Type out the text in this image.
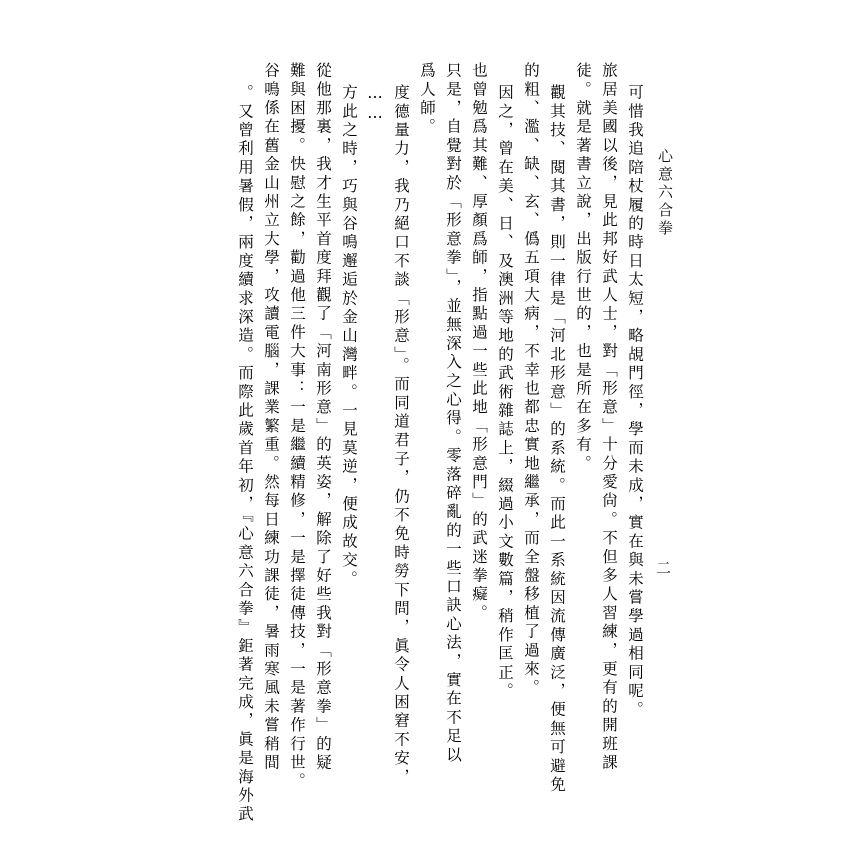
心意六合拳
二
可惜我追陪杖履的時日太短，略覘門徑，學而未成，實在與未嘗學過相同呢。
旅居美國以後，見此邦好武人士，對「形意」十分愛尙。不但多人習練，更有的開班課
徒。就是著書立說，出版行世的，也是所在多有。
觀其技、閱其書，則一律是「河北形意」的系統。而此一系統因流傳廣泛，便無可避免
的粗、濫、缺、玄、僞五項大病，不幸也都忠實地繼承，而全盤移植了過來。
因之，曾在美、日、及澳洲等地的武術雜誌上，綴過小文數篇，稍作匡正。
也曾勉爲其難、厚顏爲師，指點過一些此地「形意門」的武迷拳癡。
只是，自覺對於「形意拳」，並無深入之心得。零落碎亂的一些口訣心法，實在不足以
爲人師。
度德量力，我乃絕口不談「形意」。而同道君子，仍不免時勞下問，眞令人困窘不安，
……
方此之時，巧與谷鳴邂逅於金山灣畔。一見莫逆，便成故交。
從他那裏，我才生平首度拜觀了「河南形意」的英姿，解除了好些我對「形意拳」的疑
難與困擾。快慰之餘，勸過他三件大事：一是繼續精修，一是擇徒傳技，一是著作行世。
谷鳴係在舊金山州立大學，攻讀電腦，課業繁重。然每日練功課徒，暑雨寒風未嘗稍間
。又曾利用暑假，兩度續求深造。而際此歲首年初，『心意六合拳』鉅著完成，眞是海外武
